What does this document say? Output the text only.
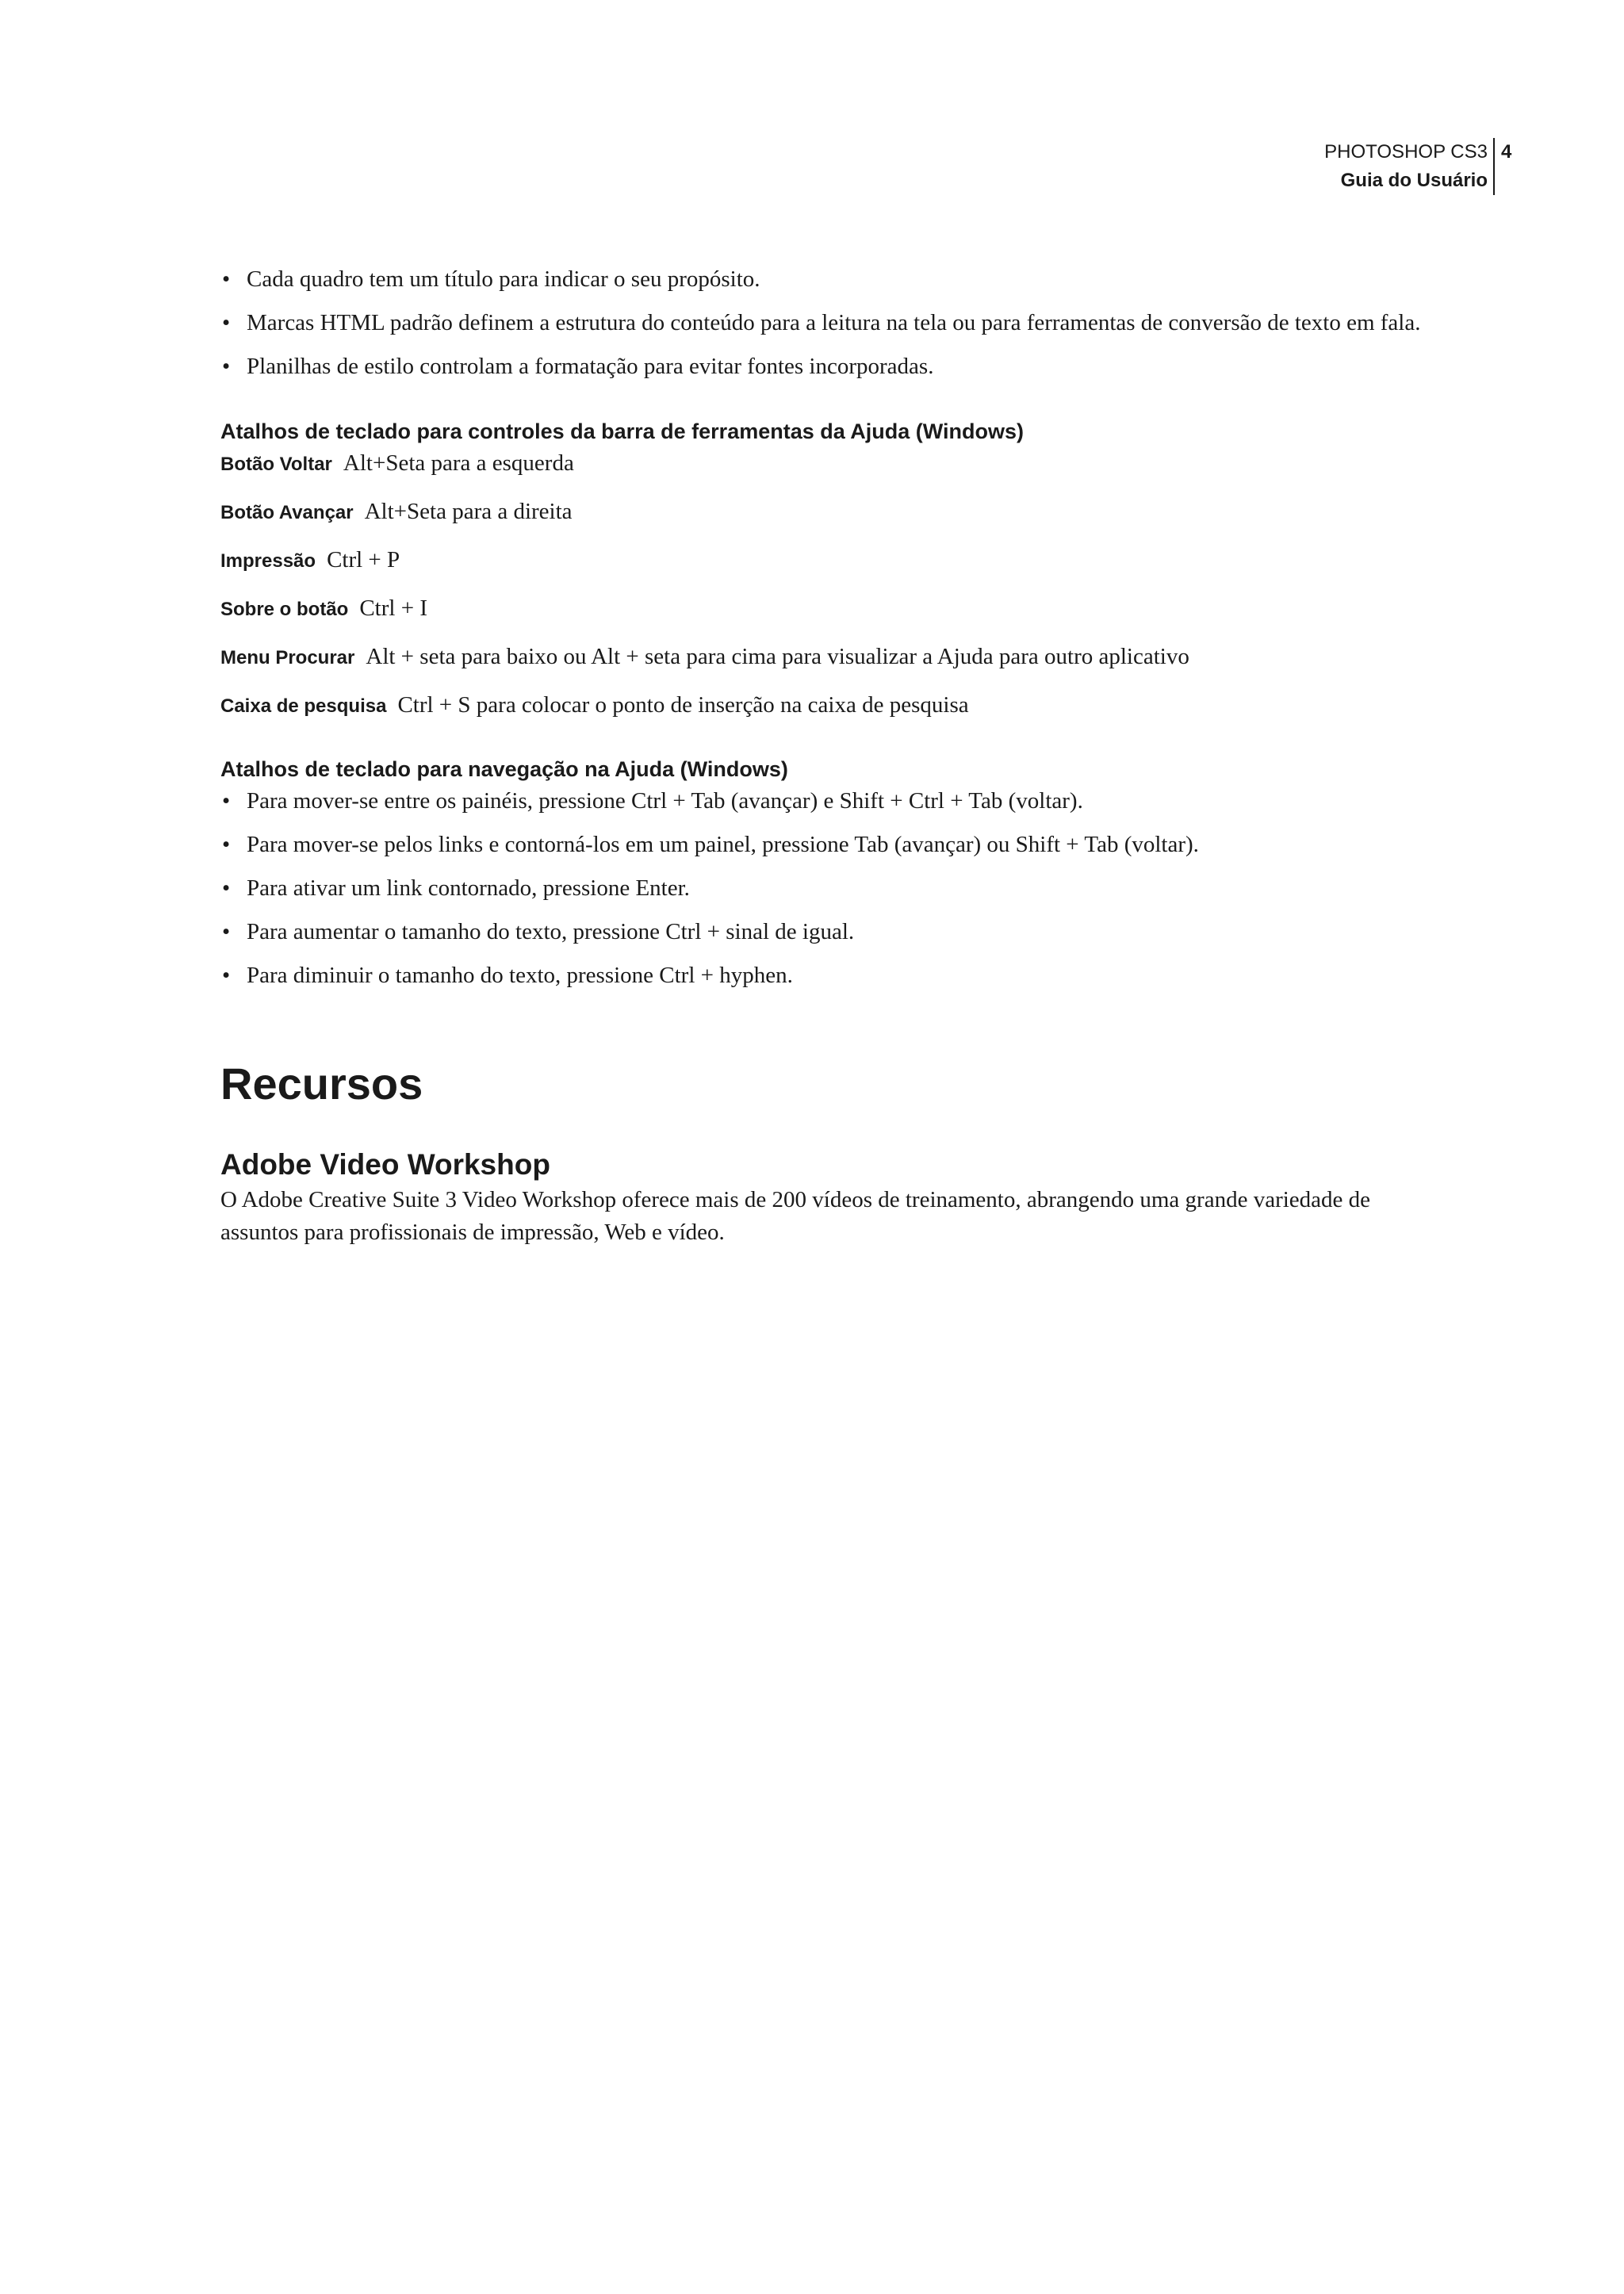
PHOTOSHOP CS3
Guia do Usuário
4
• Cada quadro tem um título para indicar o seu propósito.
• Marcas HTML padrão definem a estrutura do conteúdo para a leitura na tela ou para ferramentas de conversão de texto em fala.
• Planilhas de estilo controlam a formatação para evitar fontes incorporadas.

Atalhos de teclado para controles da barra de ferramentas da Ajuda (Windows)

Botão Voltar Alt+Seta para a esquerda

Botão Avançar Alt+Seta para a direita

Impressão Ctrl + P

Sobre o botão Ctrl + I

Menu Procurar Alt + seta para baixo ou Alt + seta para cima para visualizar a Ajuda para outro aplicativo

Caixa de pesquisa Ctrl + S para colocar o ponto de inserção na caixa de pesquisa

Atalhos de teclado para navegação na Ajuda (Windows)

• Para mover-se entre os painéis, pressione Ctrl + Tab (avançar) e Shift + Ctrl + Tab (voltar).
• Para mover-se pelos links e contorná-los em um painel, pressione Tab (avançar) ou Shift + Tab (voltar).
• Para ativar um link contornado, pressione Enter.
• Para aumentar o tamanho do texto, pressione Ctrl + sinal de igual.
• Para diminuir o tamanho do texto, pressione Ctrl + hyphen.
Recursos
Adobe Video Workshop

O Adobe Creative Suite 3 Video Workshop oferece mais de 200 vídeos de treinamento, abrangendo uma grande variedade de assuntos para profissionais de impressão, Web e vídeo.
